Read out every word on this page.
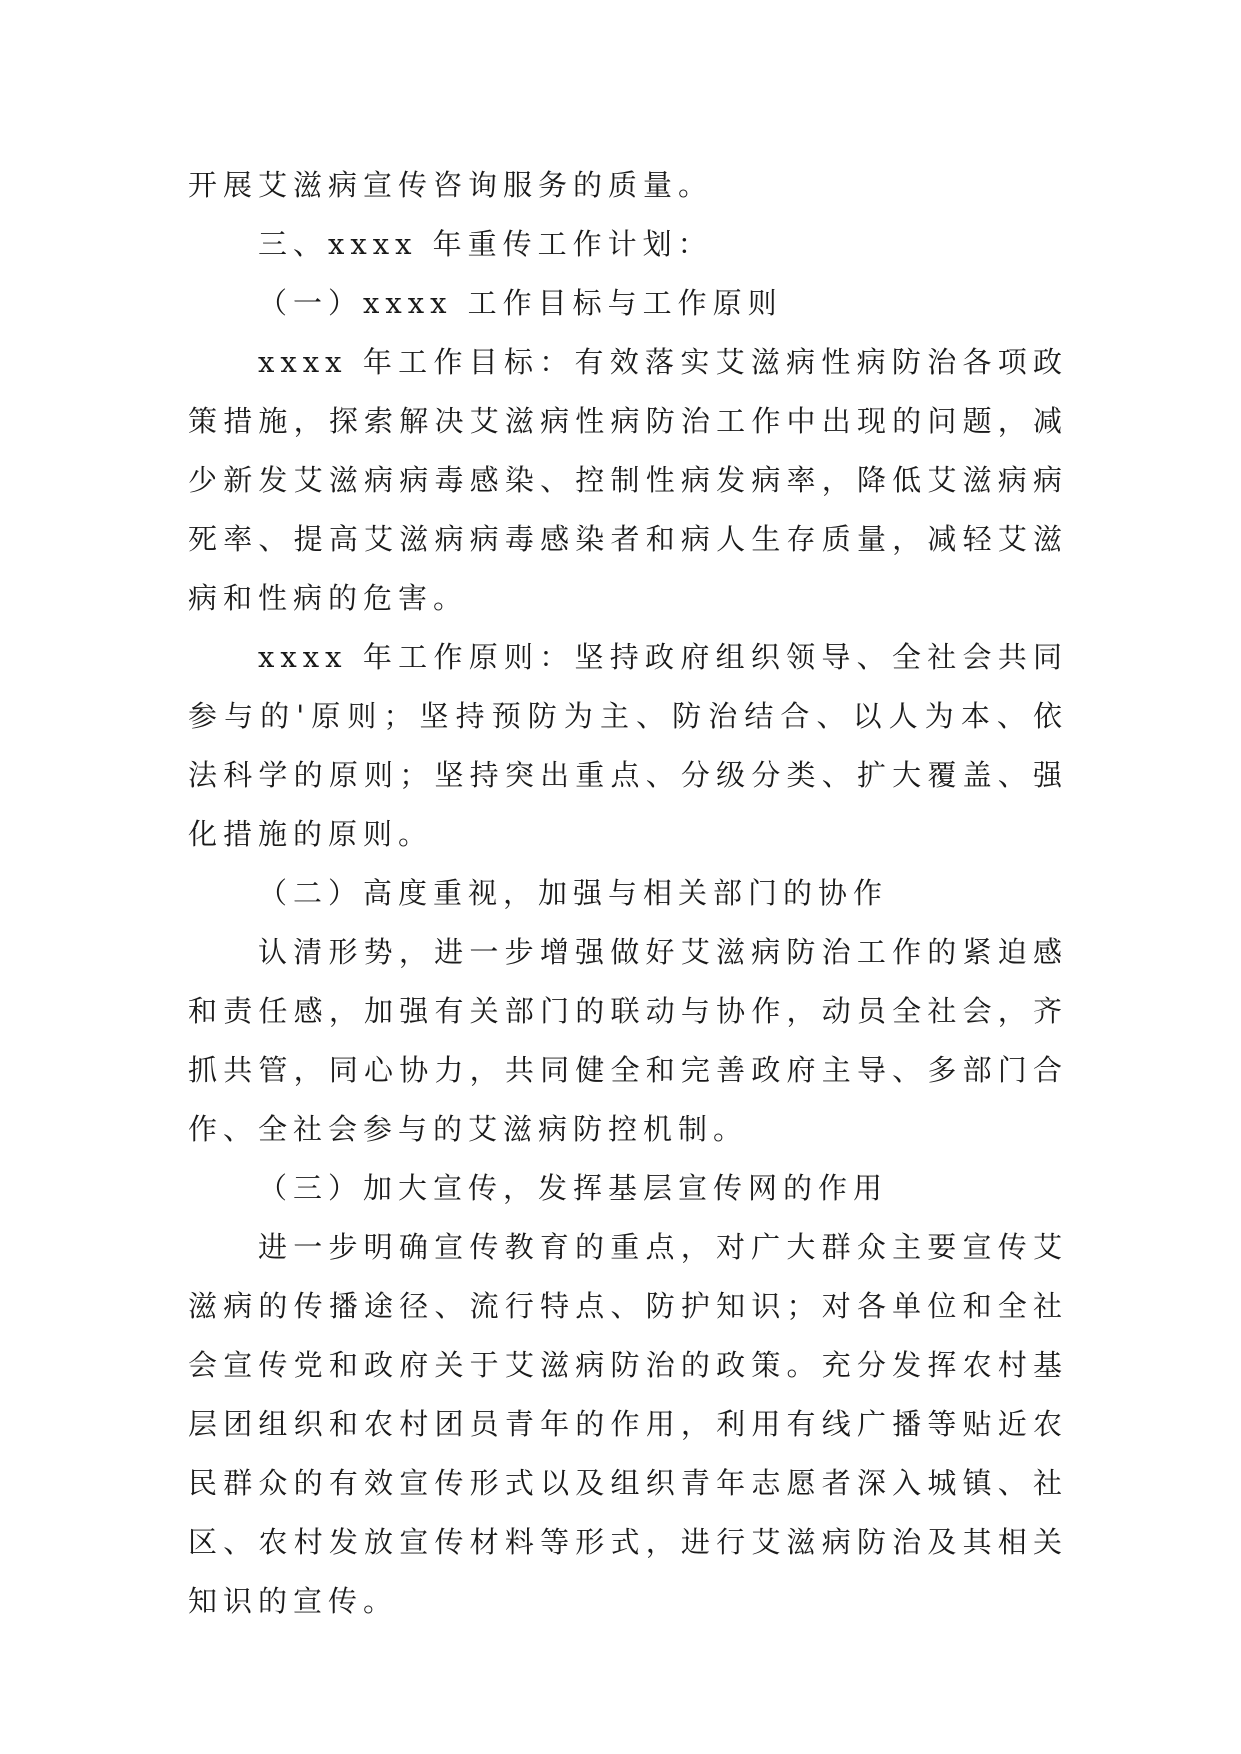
开展艾滋病宣传咨询服务的质量。

三、xxxx 年重传工作计划：

（一）xxxx 工作目标与工作原则

xxxx 年工作目标：有效落实艾滋病性病防治各项政策措施，探索解决艾滋病性病防治工作中出现的问题，减少新发艾滋病病毒感染、控制性病发病率，降低艾滋病病死率、提高艾滋病病毒感染者和病人生存质量，减轻艾滋病和性病的危害。

xxxx 年工作原则：坚持政府组织领导、全社会共同参与的'原则；坚持预防为主、防治结合、以人为本、依法科学的原则；坚持突出重点、分级分类、扩大覆盖、强化措施的原则。

（二）高度重视，加强与相关部门的协作

认清形势，进一步增强做好艾滋病防治工作的紧迫感和责任感，加强有关部门的联动与协作，动员全社会，齐抓共管，同心协力，共同健全和完善政府主导、多部门合作、全社会参与的艾滋病防控机制。

（三）加大宣传，发挥基层宣传网的作用

进一步明确宣传教育的重点，对广大群众主要宣传艾滋病的传播途径、流行特点、防护知识；对各单位和全社会宣传党和政府关于艾滋病防治的政策。充分发挥农村基层团组织和农村团员青年的作用，利用有线广播等贴近农民群众的有效宣传形式以及组织青年志愿者深入城镇、社区、农村发放宣传材料等形式，进行艾滋病防治及其相关知识的宣传。
